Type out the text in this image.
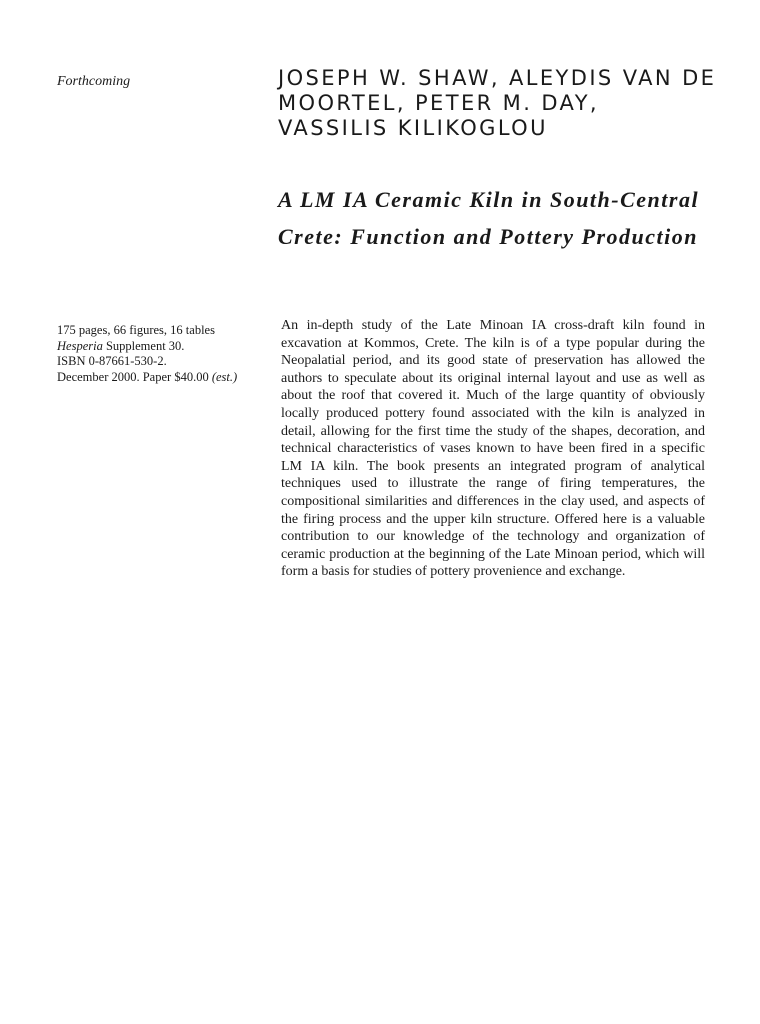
Forthcoming	JOSEPH W. SHAW, ALEYDIS VAN DE MOORTEL, PETER M. DAY, VASSILIS KILIKOGLOU
A LM IA Ceramic Kiln in South-Central Crete: Function and Pottery Production
175 pages, 66 figures, 16 tables
Hesperia Supplement 30.
ISBN 0-87661-530-2.
December 2000. Paper $40.00 (est.)

An in-depth study of the Late Minoan IA cross-draft kiln found in excavation at Kommos, Crete. The kiln is of a type popular during the Neopalatial period, and its good state of preservation has allowed the authors to speculate about its original internal layout and use as well as about the roof that covered it. Much of the large quantity of obviously locally produced pottery found associated with the kiln is analyzed in detail, allowing for the first time the study of the shapes, decoration, and technical characteristics of vases known to have been fired in a specific LM IA kiln. The book presents an integrated program of analytical techniques used to illustrate the range of firing temperatures, the compositional similarities and differences in the clay used, and aspects of the firing process and the upper kiln structure. Offered here is a valuable contribution to our knowledge of the technology and organization of ceramic production at the beginning of the Late Minoan period, which will form a basis for studies of pottery provenience and exchange.
